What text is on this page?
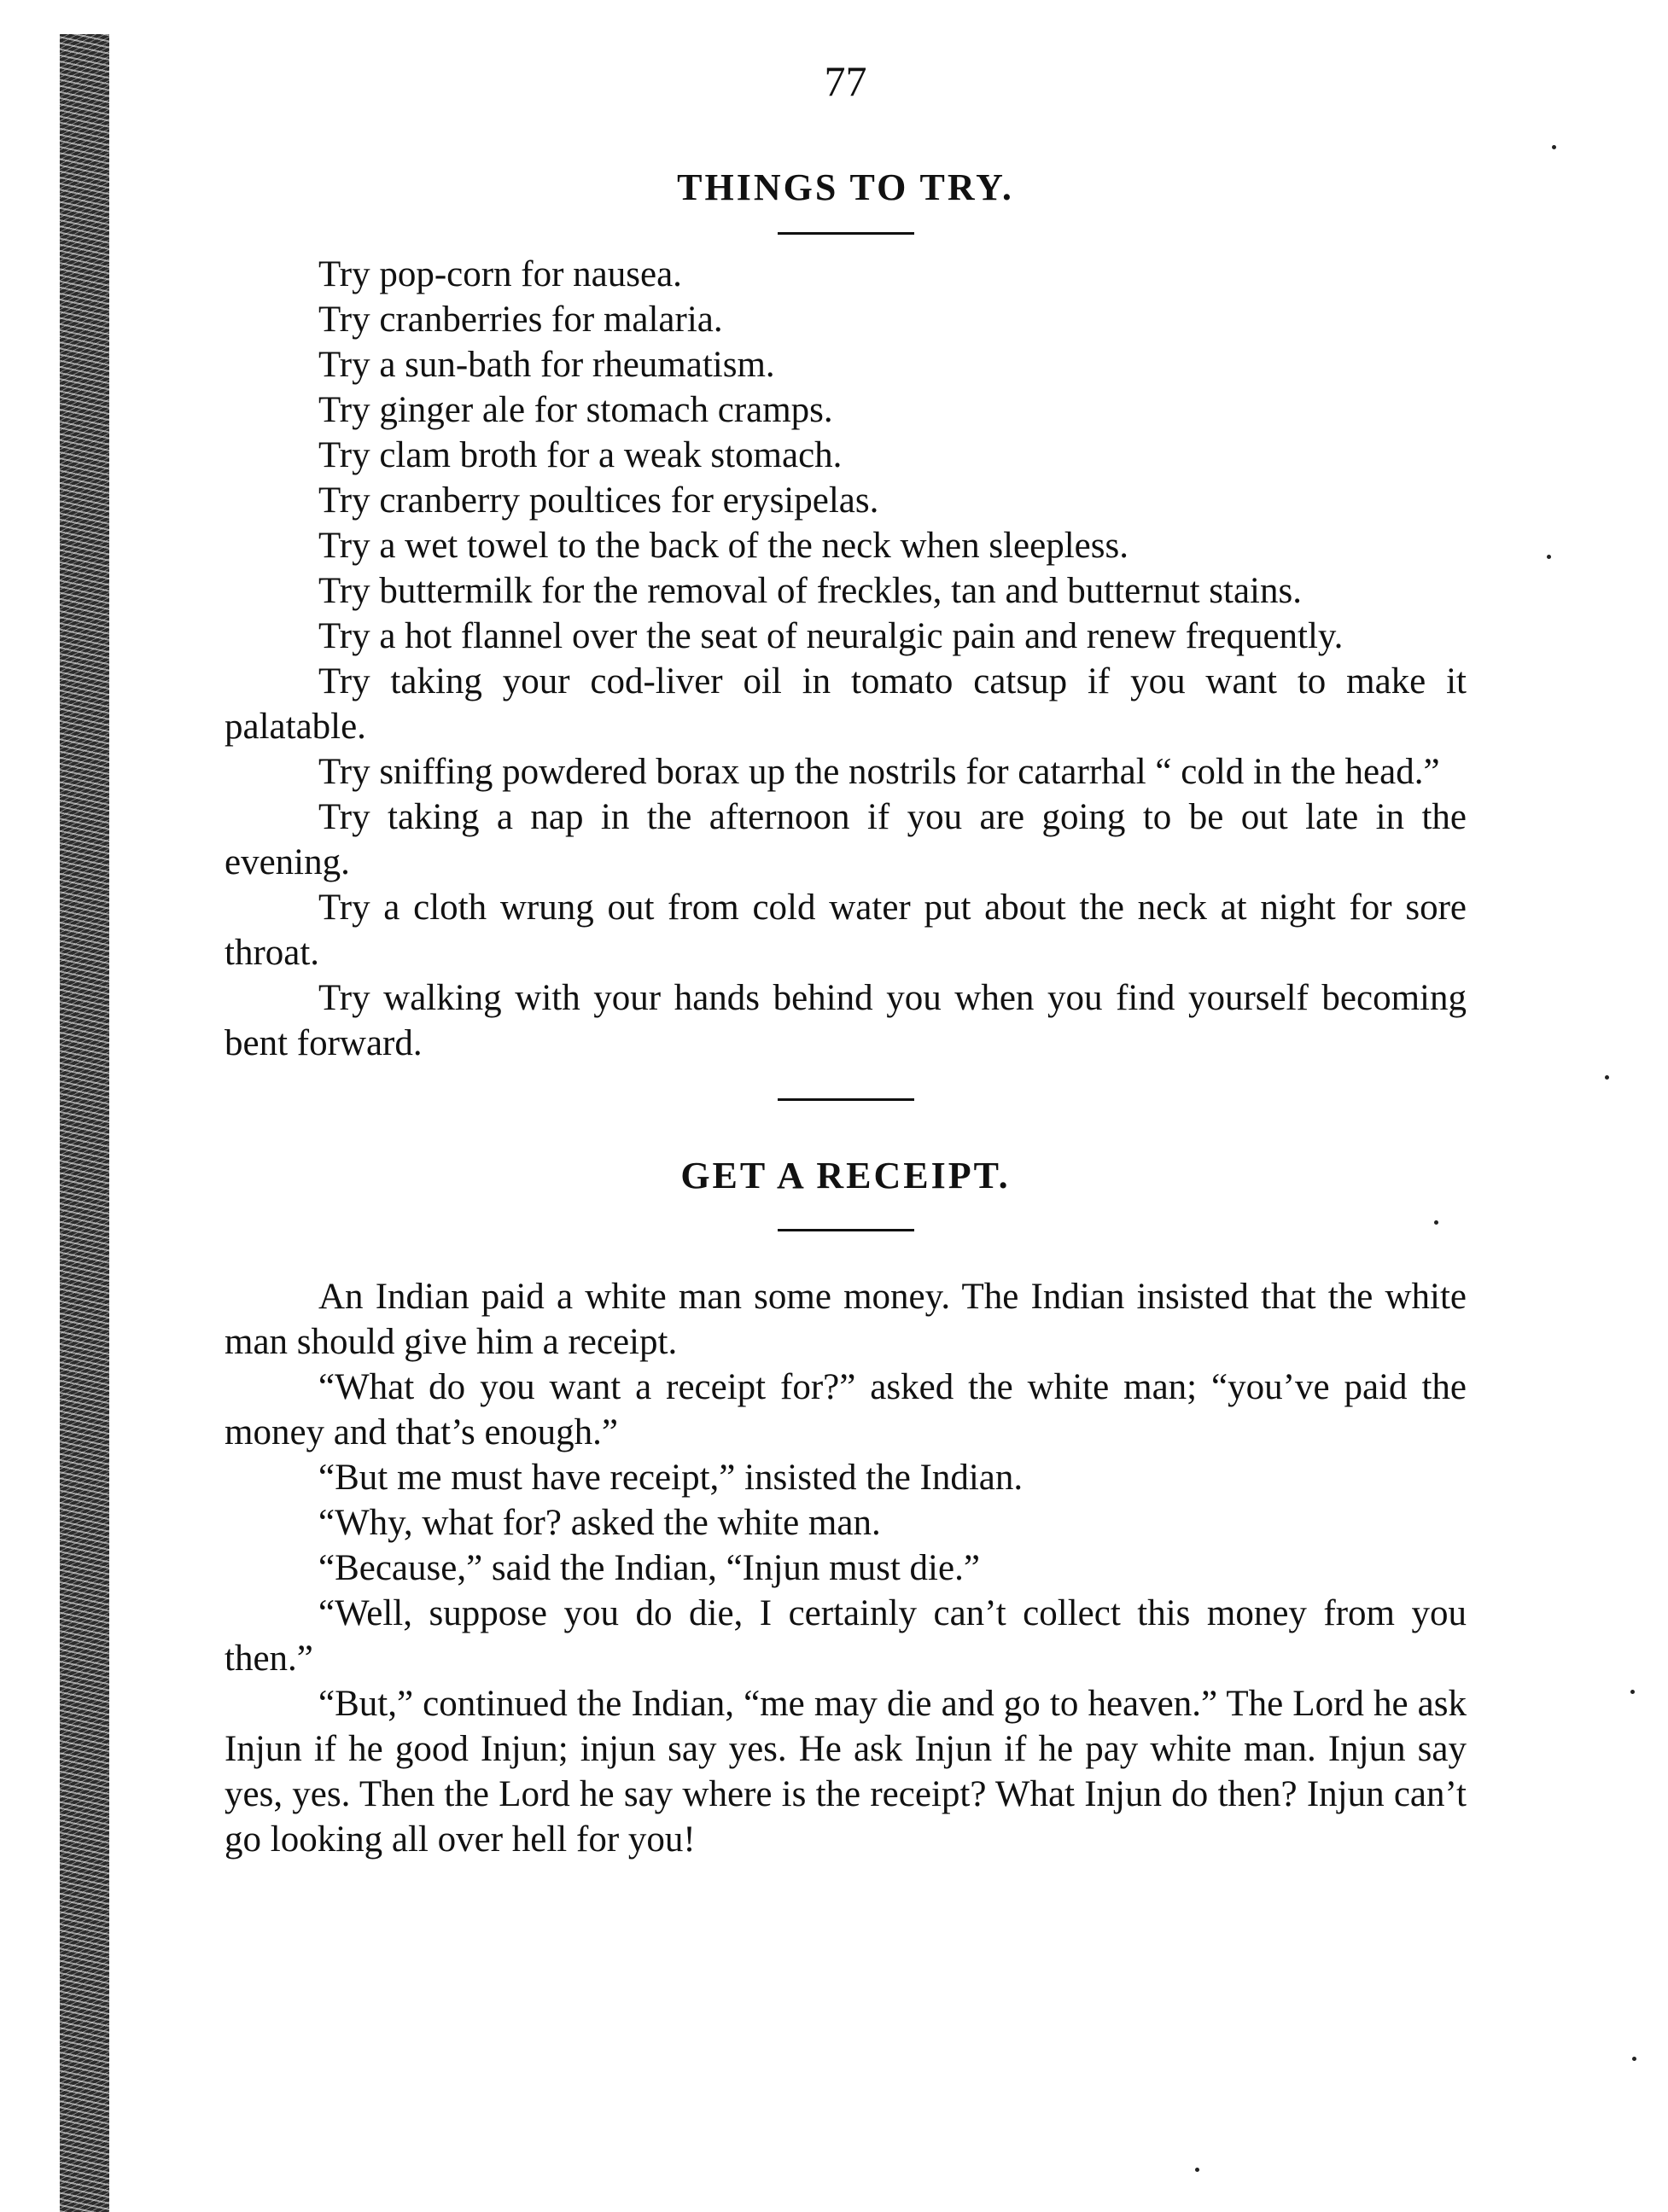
77
THINGS TO TRY.

Try pop-corn for nausea.

Try cranberries for malaria.

Try a sun-bath for rheumatism.

Try ginger ale for stomach cramps.

Try clam broth for a weak stomach.

Try cranberry poultices for erysipelas.

Try a wet towel to the back of the neck when sleepless.

Try buttermilk for the removal of freckles, tan and butternut stains.

Try a hot flannel over the seat of neuralgic pain and renew frequently.

Try taking your cod-liver oil in tomato catsup if you want to make it palatable.

Try sniffing powdered borax up the nostrils for catarrhal “ cold in the head.”

Try taking a nap in the afternoon if you are going to be out late in the evening.

Try a cloth wrung out from cold water put about the neck at night for sore throat.

Try walking with your hands behind you when you find yourself becoming bent forward.

GET A RECEIPT.

An Indian paid a white man some money. The Indian insisted that the white man should give him a receipt.

“What do you want a receipt for?” asked the white man; “you’ve paid the money and that’s enough.”

“But me must have receipt,” insisted the Indian.

“Why, what for? asked the white man.

“Because,” said the Indian, “Injun must die.”

“Well, suppose you do die, I certainly can’t collect this money from you then.”

“But,” continued the Indian, “me may die and go to heaven.” The Lord he ask Injun if he good Injun; injun say yes. He ask Injun if he pay white man. Injun say yes, yes. Then the Lord he say where is the receipt? What Injun do then? Injun can’t go looking all over hell for you!
